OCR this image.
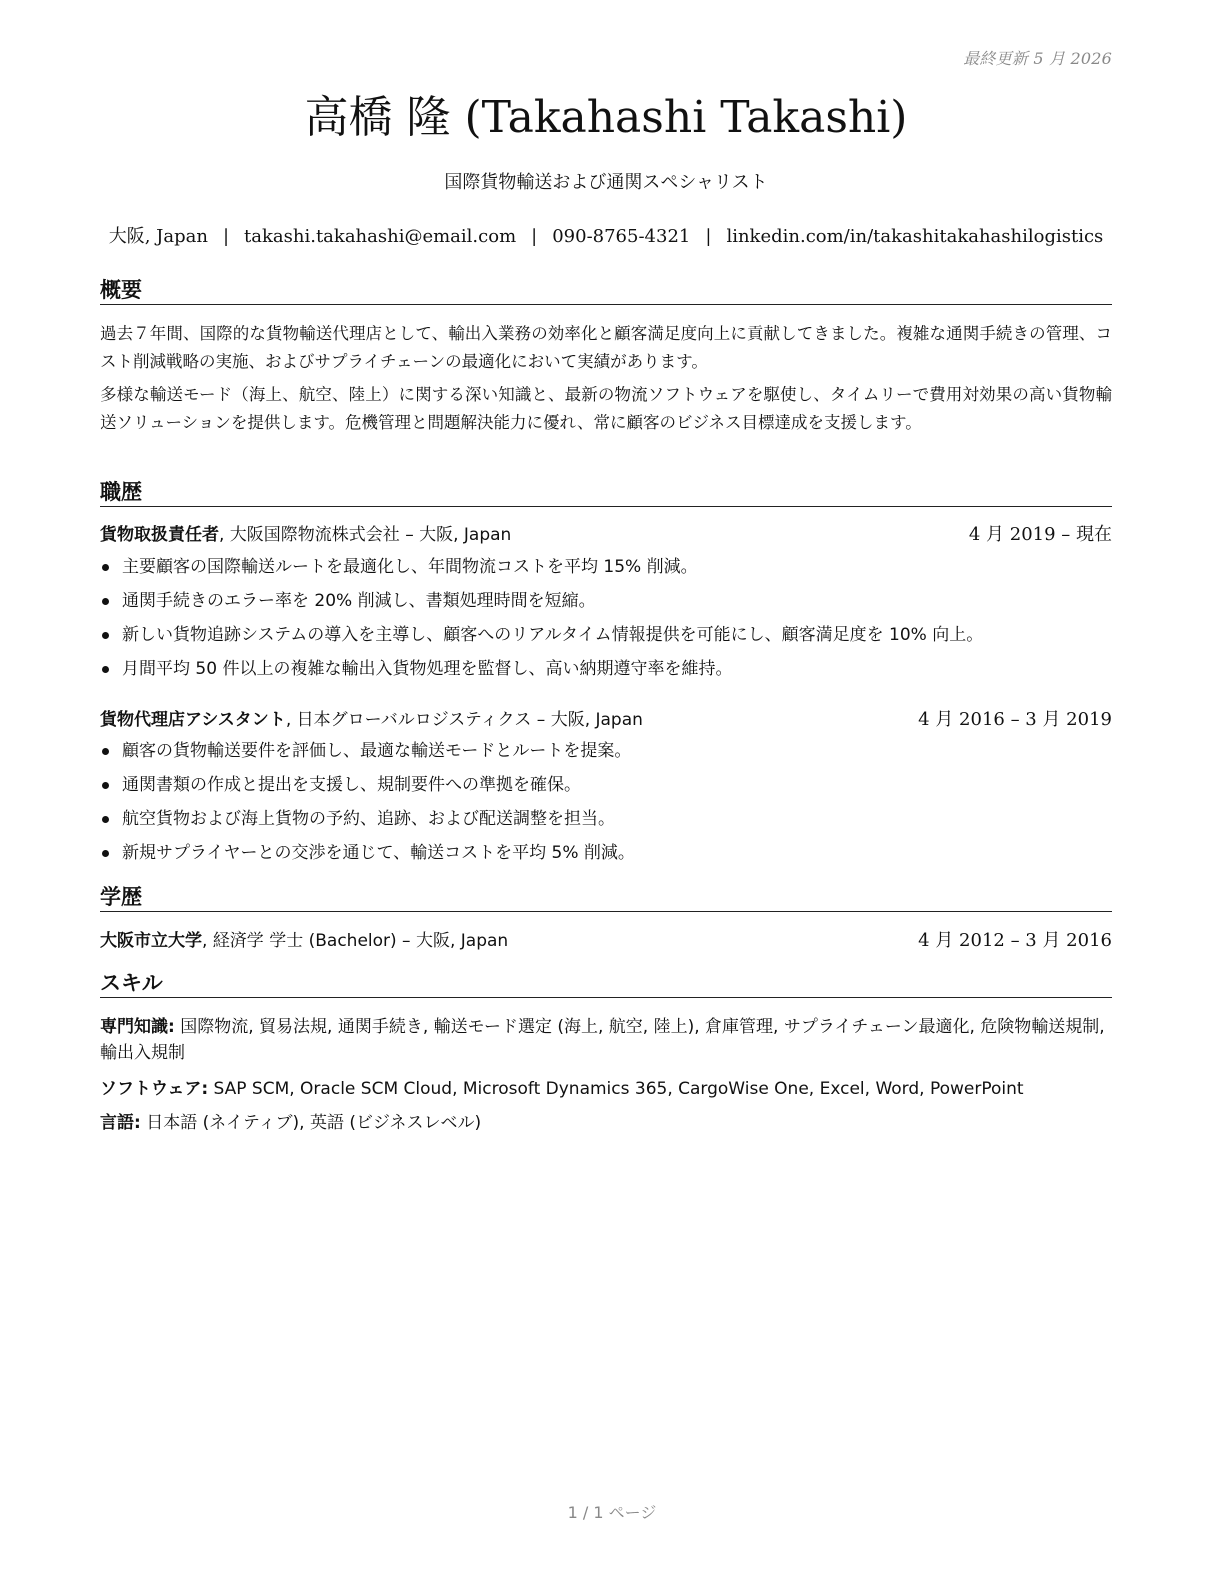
最終更新 5 月 2026
高橋 隆 (Takahashi Takashi)
国際貨物輸送および通関スペシャリスト
大阪, Japan | takashi.takahashi@email.com | 090-8765-4321 | linkedin.com/in/takashitakahashilogistics
概要

過去７年間、国際的な貨物輸送代理店として、輸出入業務の効率化と顧客満足度向上に貢献してきました。複雑な通関手続きの管理、コスト削減戦略の実施、およびサプライチェーンの最適化において実績があります。

多様な輸送モード（海上、航空、陸上）に関する深い知識と、最新の物流ソフトウェアを駆使し、タイムリーで費用対効果の高い貨物輸送ソリューションを提供します。危機管理と問題解決能力に優れ、常に顧客のビジネス目標達成を支援します。

職歴
貨物取扱責任者, 大阪国際物流株式会社 – 大阪, Japan	4 月 2019 – 現在
主要顧客の国際輸送ルートを最適化し、年間物流コストを平均 15% 削減。
通関手続きのエラー率を 20% 削減し、書類処理時間を短縮。
新しい貨物追跡システムの導入を主導し、顧客へのリアルタイム情報提供を可能にし、顧客満足度を 10% 向上。
月間平均 50 件以上の複雑な輸出入貨物処理を監督し、高い納期遵守率を維持。
貨物代理店アシスタント, 日本グローバルロジスティクス – 大阪, Japan	4 月 2016 – 3 月 2019
顧客の貨物輸送要件を評価し、最適な輸送モードとルートを提案。
通関書類の作成と提出を支援し、規制要件への準拠を確保。
航空貨物および海上貨物の予約、追跡、および配送調整を担当。
新規サプライヤーとの交渉を通じて、輸送コストを平均 5% 削減。
学歴
大阪市立大学, 経済学 学士 (Bachelor) – 大阪, Japan	4 月 2012 – 3 月 2016
スキル

専門知識: 国際物流, 貿易法規, 通関手続き, 輸送モード選定 (海上, 航空, 陸上), 倉庫管理, サプライチェーン最適化, 危険物輸送規制, 輸出入規制

ソフトウェア: SAP SCM, Oracle SCM Cloud, Microsoft Dynamics 365, CargoWise One, Excel, Word, PowerPoint

言語: 日本語 (ネイティブ), 英語 (ビジネスレベル)

1 / 1 ページ
